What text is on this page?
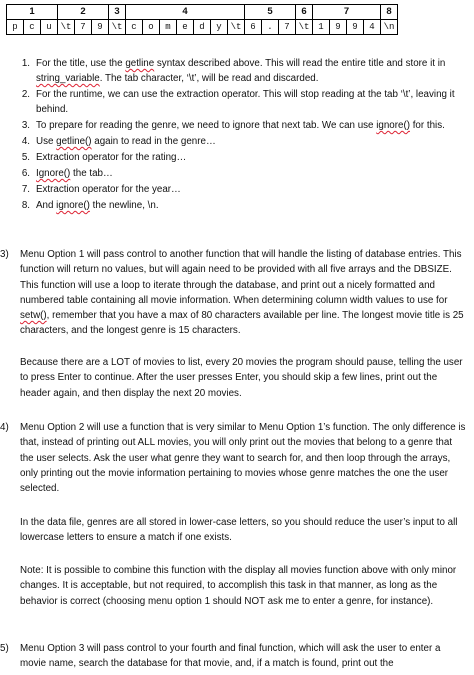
1			2			3	4							5			6	7				8
p	c	u	\t	7	9	\t	c	o	m	e	d	y	\t	6	.	7	\t	1	9	9	4	\n
1. For the title, use the getline syntax described above. This will read the entire title and store it in string_variable. The tab character, ‘\t’, will be read and discarded.
2. For the runtime, we can use the extraction operator. This will stop reading at the tab ‘\t’, leaving it behind.
3. To prepare for reading the genre, we need to ignore that next tab. We can use ignore() for this.
4. Use getline() again to read in the genre…
5. Extraction operator for the rating…
6. Ignore() the tab…
7. Extraction operator for the year…
8. And ignore() the newline, \n.
3)	Menu Option 1 will pass control to another function that will handle the listing of database entries. This function will return no values, but will again need to be provided with all five arrays and the DBSIZE. This function will use a loop to iterate through the database, and print out a nicely formatted and numbered table containing all movie information. When determining column width values to use for setw(), remember that you have a max of 80 characters available per line. The longest movie title is 25 characters, and the longest genre is 15 characters.

Because there are a LOT of movies to list, every 20 movies the program should pause, telling the user to press Enter to continue. After the user presses Enter, you should skip a few lines, print out the header again, and then display the next 20 movies.

4)	Menu Option 2 will use a function that is very similar to Menu Option 1’s function. The only difference is that, instead of printing out ALL movies, you will only print out the movies that belong to a genre that the user selects. Ask the user what genre they want to search for, and then loop through the arrays, only printing out the movie information pertaining to movies whose genre matches the one the user selected.

In the data file, genres are all stored in lower-case letters, so you should reduce the user’s input to all lowercase letters to ensure a match if one exists.

Note: It is possible to combine this function with the display all movies function above with only minor changes. It is acceptable, but not required, to accomplish this task in that manner, as long as the behavior is correct (choosing menu option 1 should NOT ask me to enter a genre, for instance).

5)	Menu Option 3 will pass control to your fourth and final function, which will ask the user to enter a movie name, search the database for that movie, and, if a match is found, print out the
